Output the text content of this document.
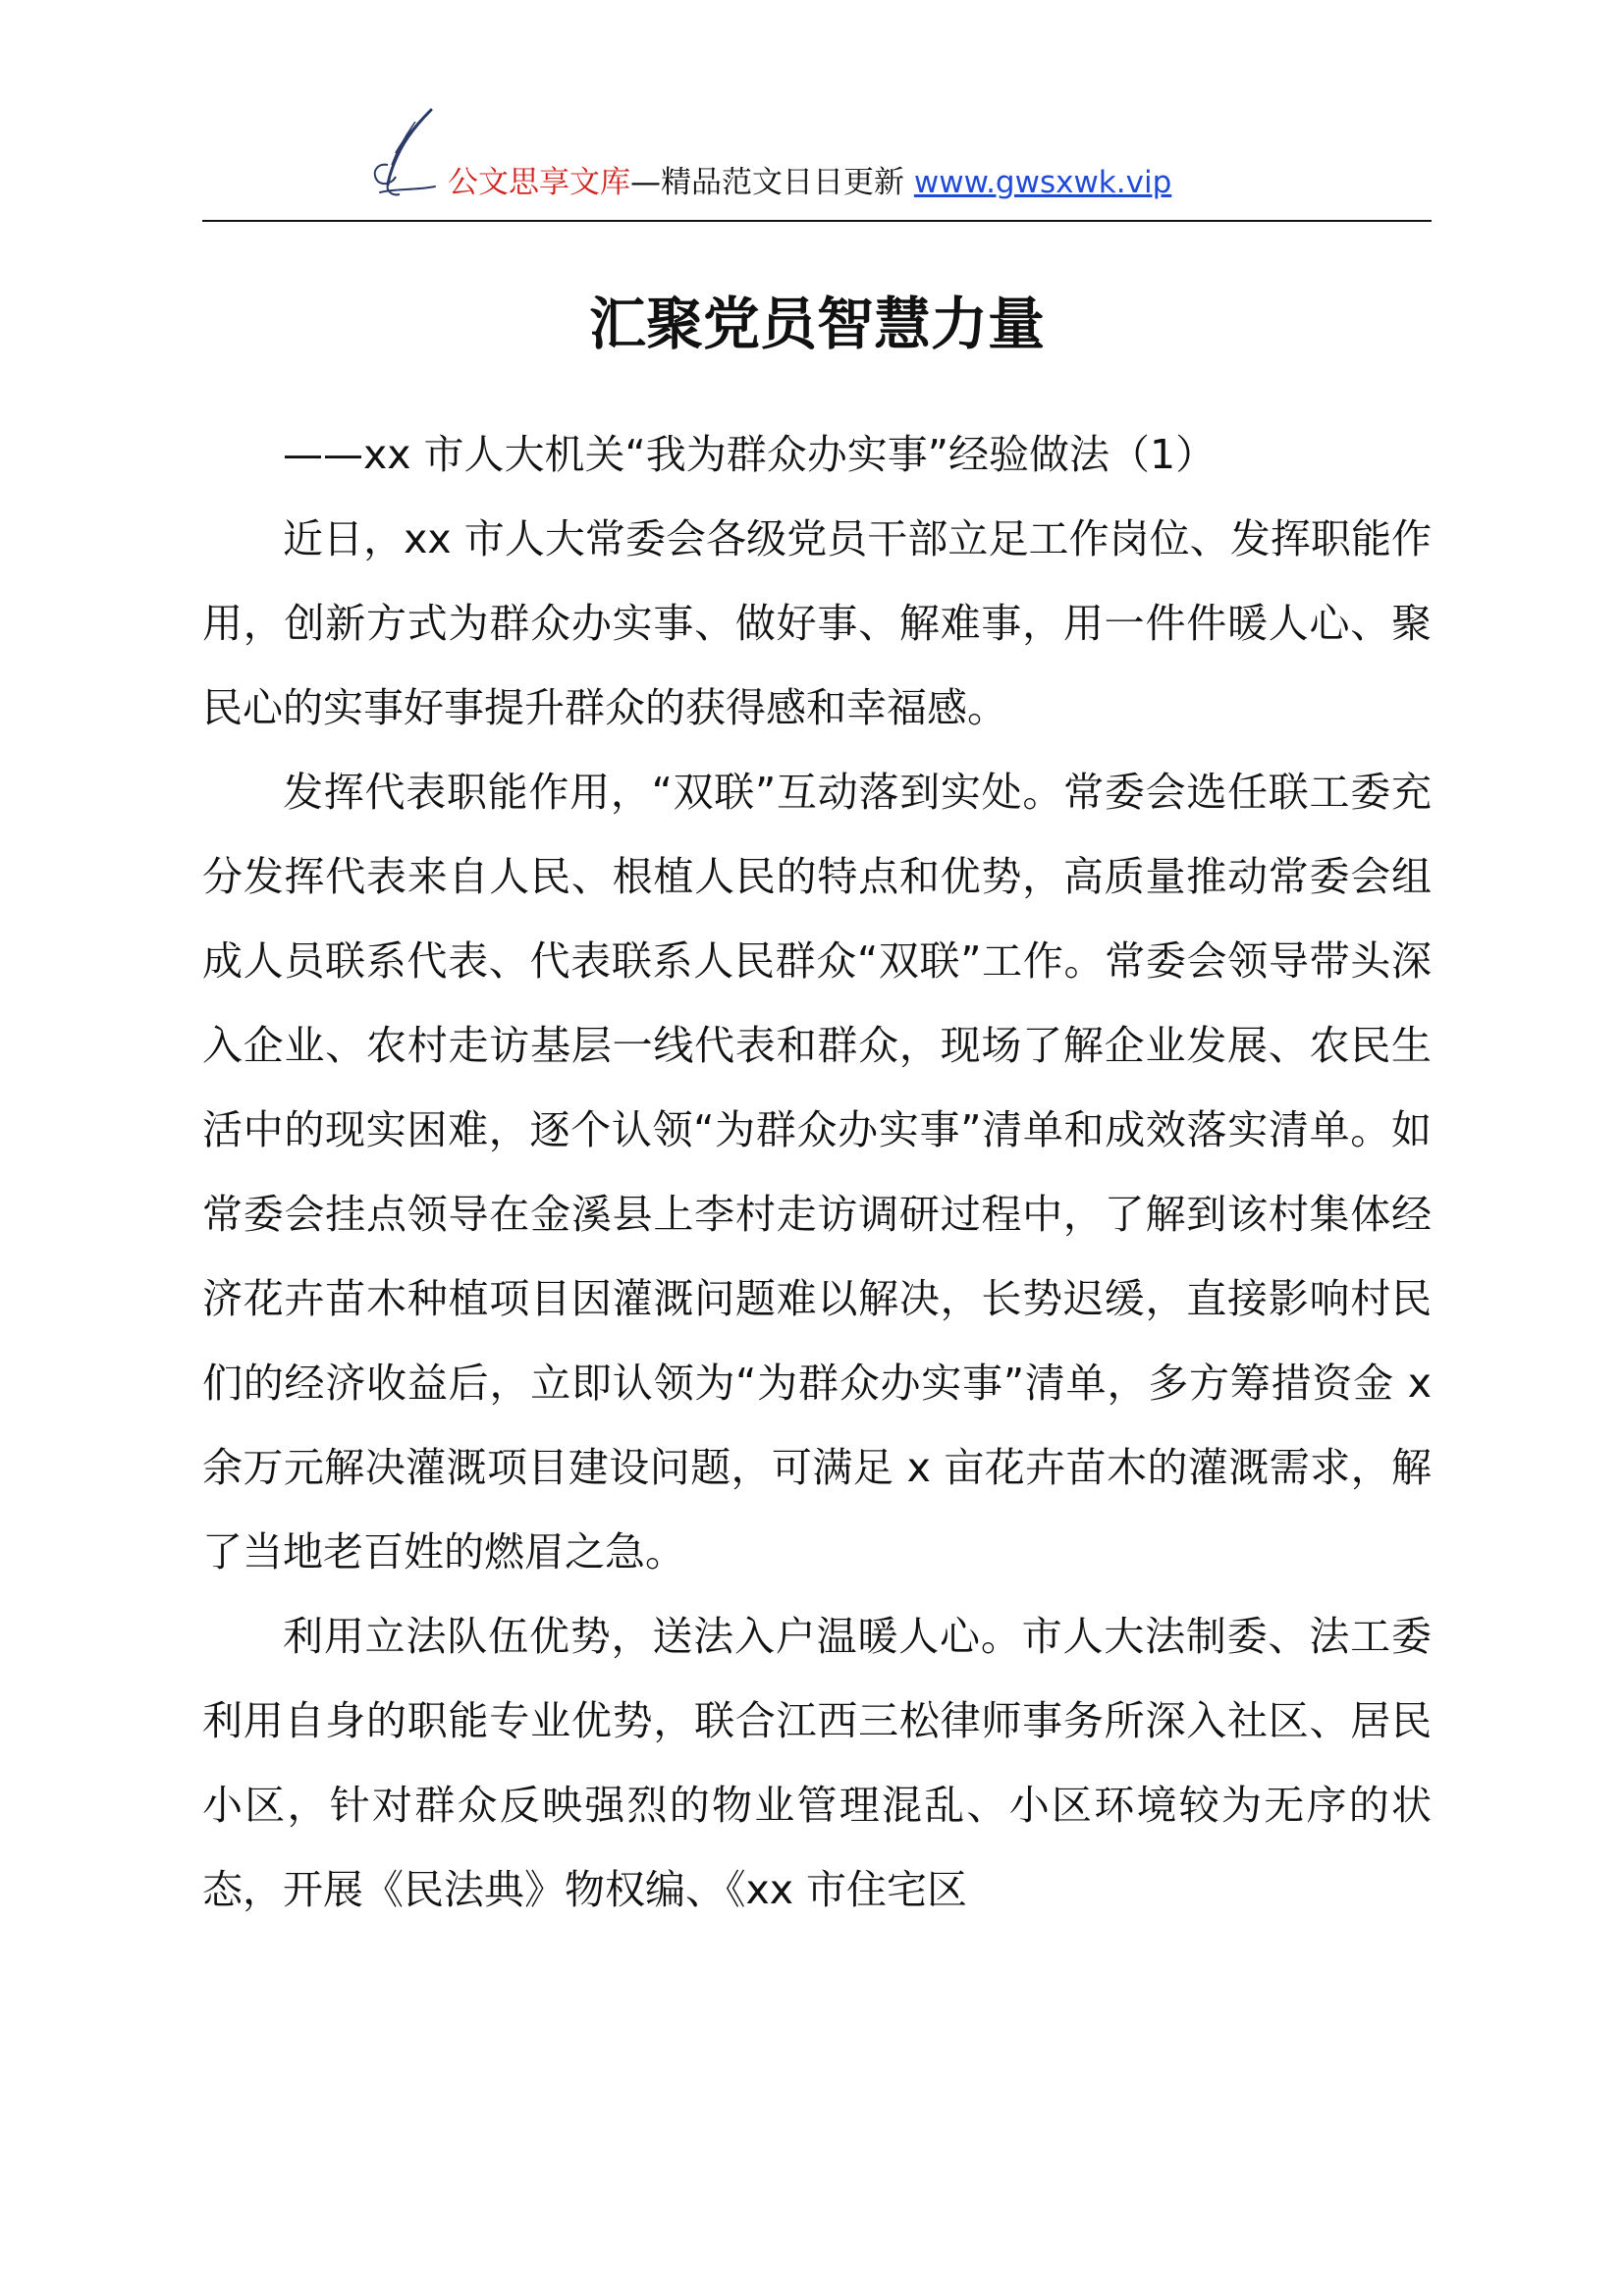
公文思享文库—精品范文日日更新 www.gwsxwk.vip
汇聚党员智慧力量

——xx 市人大机关“我为群众办实事”经验做法（1）

近日，xx 市人大常委会各级党员干部立足工作岗位、发挥职能作用，创新方式为群众办实事、做好事、解难事，用一件件暖人心、聚民心的实事好事提升群众的获得感和幸福感。

发挥代表职能作用，“双联”互动落到实处。常委会选任联工委充分发挥代表来自人民、根植人民的特点和优势，高质量推动常委会组成人员联系代表、代表联系人民群众“双联”工作。常委会领导带头深入企业、农村走访基层一线代表和群众，现场了解企业发展、农民生活中的现实困难，逐个认领“为群众办实事”清单和成效落实清单。如常委会挂点领导在金溪县上李村走访调研过程中，了解到该村集体经济花卉苗木种植项目因灌溉问题难以解决，长势迟缓，直接影响村民们的经济收益后，立即认领为“为群众办实事”清单，多方筹措资金 x 余万元解决灌溉项目建设问题，可满足 x 亩花卉苗木的灌溉需求，解了当地老百姓的燃眉之急。

利用立法队伍优势，送法入户温暖人心。市人大法制委、法工委利用自身的职能专业优势，联合江西三松律师事务所深入社区、居民小区，针对群众反映强烈的物业管理混乱、小区环境较为无序的状态，开展《民法典》物权编、《xx 市住宅区
